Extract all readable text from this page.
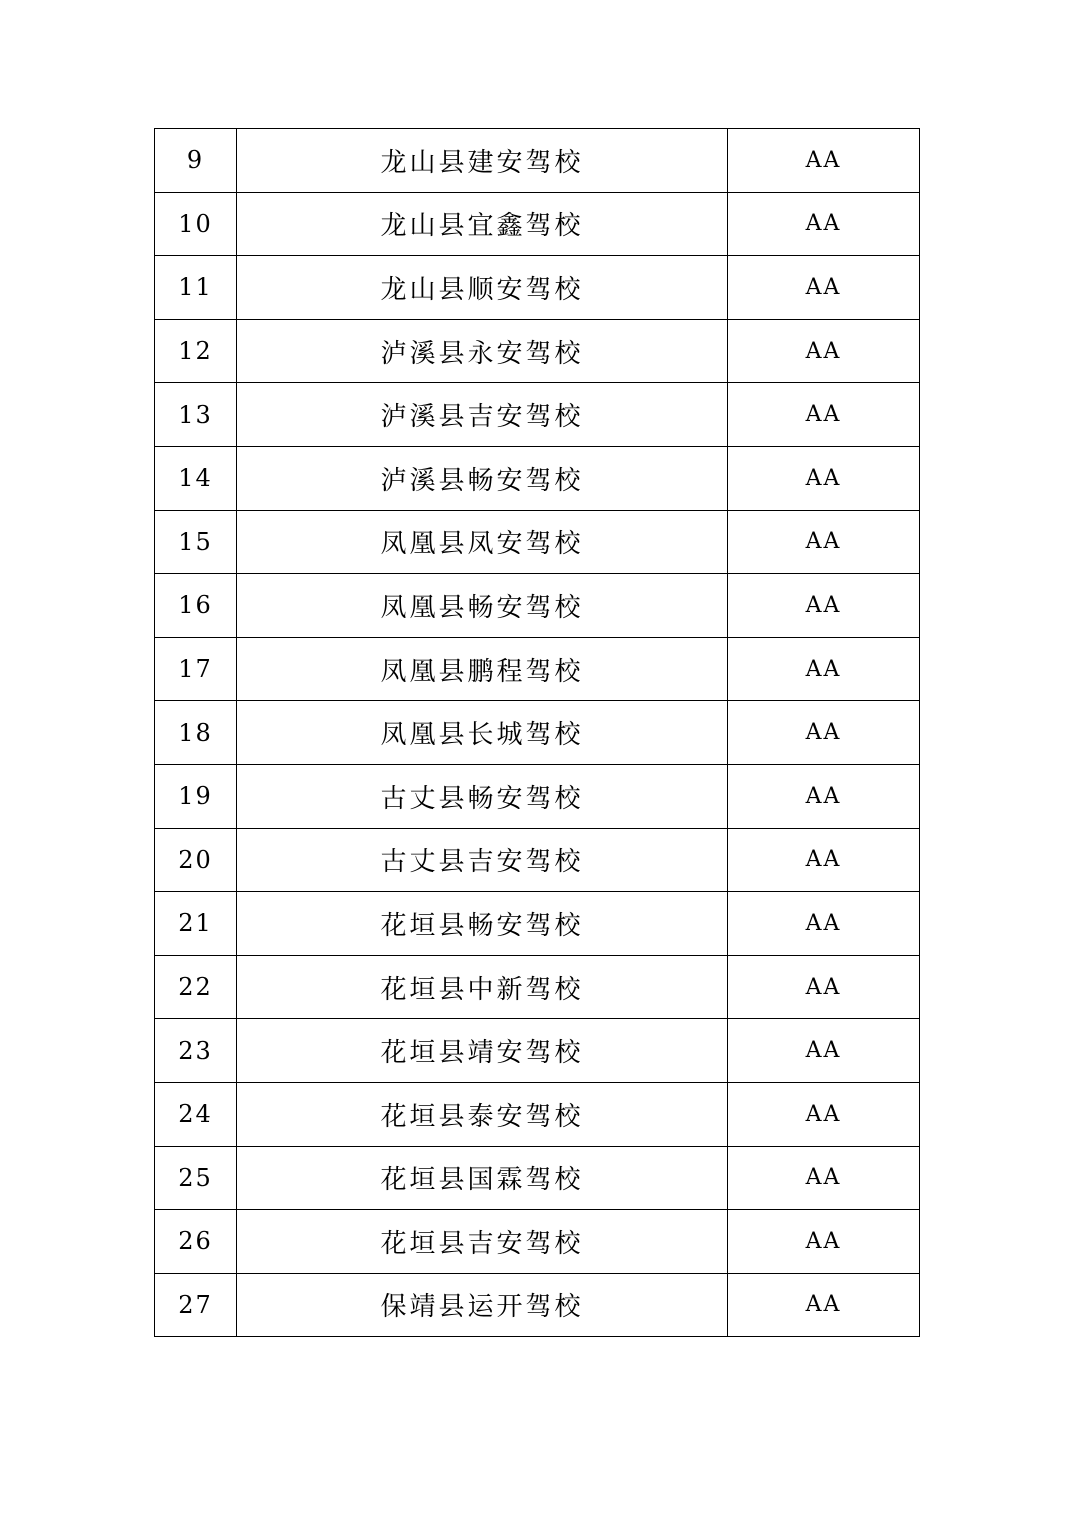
9	龙山县建安驾校	AA
10	龙山县宜鑫驾校	AA
11	龙山县顺安驾校	AA
12	泸溪县永安驾校	AA
13	泸溪县吉安驾校	AA
14	泸溪县畅安驾校	AA
15	凤凰县凤安驾校	AA
16	凤凰县畅安驾校	AA
17	凤凰县鹏程驾校	AA
18	凤凰县长城驾校	AA
19	古丈县畅安驾校	AA
20	古丈县吉安驾校	AA
21	花垣县畅安驾校	AA
22	花垣县中新驾校	AA
23	花垣县靖安驾校	AA
24	花垣县泰安驾校	AA
25	花垣县国霖驾校	AA
26	花垣县吉安驾校	AA
27	保靖县运开驾校	AA
